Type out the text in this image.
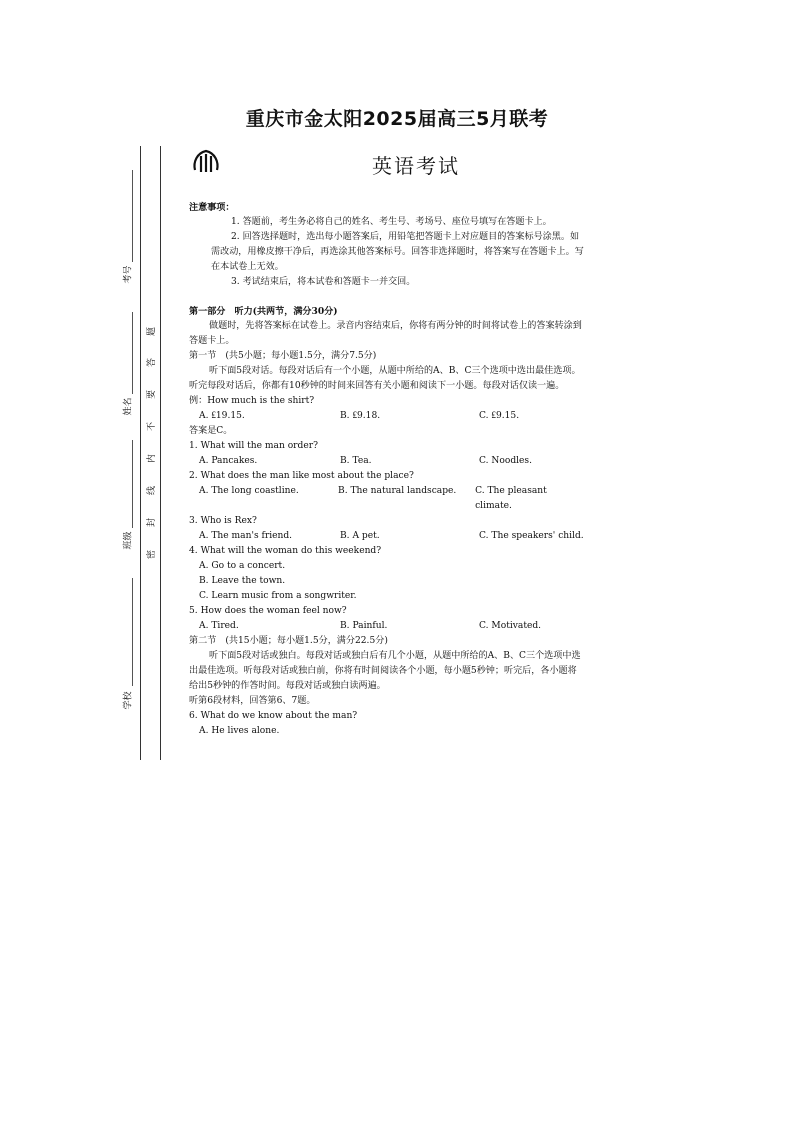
重庆市金太阳2025届高三5月联考
英语考试
考号
姓名
班级
学校
题
答
要
不
内
线
封
密

注意事项：

1. 答题前，考生务必将自己的姓名、考生号、考场号、座位号填写在答题卡上。

2. 回答选择题时，选出每小题答案后，用铅笔把答题卡上对应题目的答案标号涂黑。如需改动，用橡皮擦干净后，再选涂其他答案标号。回答非选择题时，将答案写在答题卡上。写在本试卷上无效。

3. 考试结束后，将本试卷和答题卡一并交回。

第一部分　听力(共两节，满分30分)

做题时，先将答案标在试卷上。录音内容结束后，你将有两分钟的时间将试卷上的答案转涂到答题卡上。

第一节　(共5小题；每小题1.5分，满分7.5分)

听下面5段对话。每段对话后有一个小题，从题中所给的A、B、C三个选项中选出最佳选项。听完每段对话后，你都有10秒钟的时间来回答有关小题和阅读下一小题。每段对话仅读一遍。

例：How much is the shirt?

A. ₤19.15.	B. ₤9.18.	C. ₤9.15.

答案是C。

1. What will the man order?

A. Pancakes.	B. Tea.	C. Noodles.

2. What does the man like most about the place?

A. The long coastline.	B. The natural landscape.	C. The pleasant climate.

3. Who is Rex?

A. The man's friend.	B. A pet.	C. The speakers' child.

4. What will the woman do this weekend?

A. Go to a concert.

B. Leave the town.

C. Learn music from a songwriter.

5. How does the woman feel now?

A. Tired.	B. Painful.	C. Motivated.

第二节　(共15小题；每小题1.5分，满分22.5分)

听下面5段对话或独白。每段对话或独白后有几个小题，从题中所给的A、B、C三个选项中选出最佳选项。听每段对话或独白前，你将有时间阅读各个小题，每小题5秒钟；听完后，各小题将给出5秒钟的作答时间。每段对话或独白读两遍。

听第6段材料，回答第6、7题。

6. What do we know about the man?

A. He lives alone.
